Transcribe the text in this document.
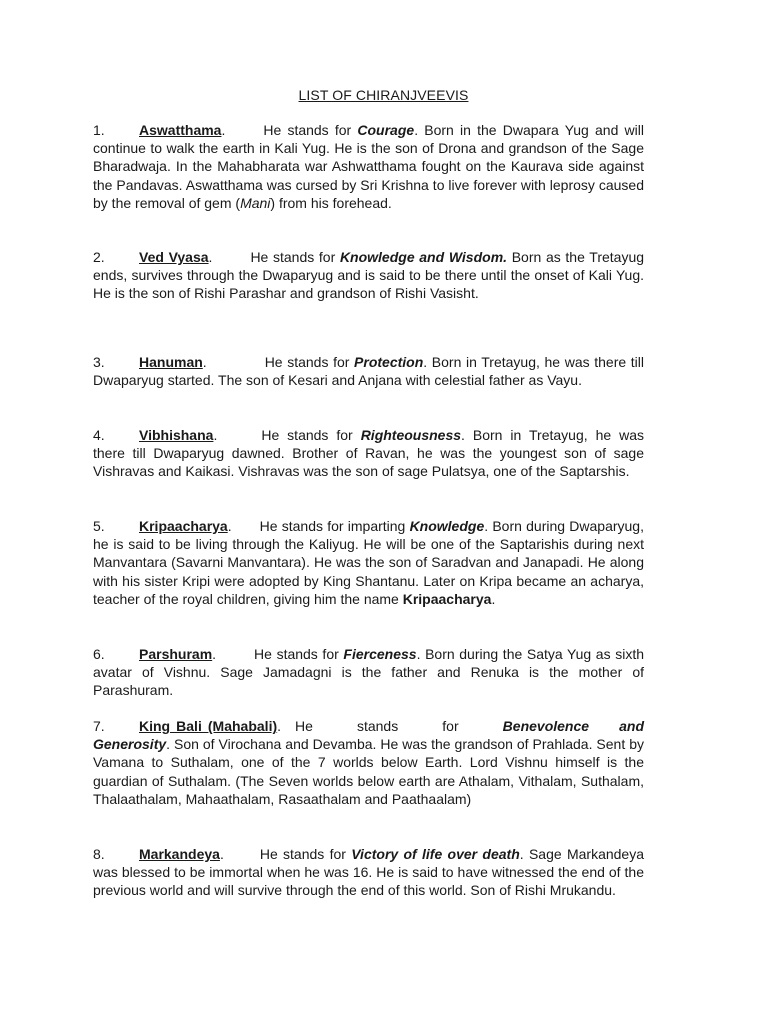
LIST OF CHIRANJVEEVIS

1. Aswatthama.	He stands for Courage. Born in the Dwapara Yug and will continue to walk the earth in Kali Yug. He is the son of Drona and grandson of the Sage Bharadwaja. In the Mahabharata war Ashwatthama fought on the Kaurava side against the Pandavas. Aswatthama was cursed by Sri Krishna to live forever with leprosy caused by the removal of gem (Mani) from his forehead.

2. Ved Vyasa.	He stands for Knowledge and Wisdom. Born as the Tretayug ends, survives through the Dwaparyug and is said to be there until the onset of Kali Yug. He is the son of Rishi Parashar and grandson of Rishi Vasisht.

3. Hanuman.	He stands for Protection. Born in Tretayug, he was there till Dwaparyug started. The son of Kesari and Anjana with celestial father as Vayu.

4. Vibhishana.	He stands for Righteousness. Born in Tretayug, he was there till Dwaparyug dawned. Brother of Ravan, he was the youngest son of sage Vishravas and Kaikasi. Vishravas was the son of sage Pulatsya, one of the Saptarshis.

5. Kripaacharya. He stands for imparting Knowledge. Born during Dwaparyug, he is said to be living through the Kaliyug. He will be one of the Saptarishis during next Manvantara (Savarni Manvantara). He was the son of Saradvan and Janapadi. He along with his sister Kripi were adopted by King Shantanu. Later on Kripa became an acharya, teacher of the royal children, giving him the name Kripaacharya.

6. Parshuram.	He stands for Fierceness. Born during the Satya Yug as sixth avatar of Vishnu. Sage Jamadagni is the father and Renuka is the mother of Parashuram.

7. King Bali (Mahabali). He stands for Benevolence and Generosity. Son of Virochana and Devamba. He was the grandson of Prahlada. Sent by Vamana to Suthalam, one of the 7 worlds below Earth. Lord Vishnu himself is the guardian of Suthalam. (The Seven worlds below earth are Athalam, Vithalam, Suthalam, Thalaathalam, Mahaathalam, Rasaathalam and Paathaalam)

8. Markandeya.	He stands for Victory of life over death. Sage Markandeya was blessed to be immortal when he was 16. He is said to have witnessed the end of the previous world and will survive through the end of this world. Son of Rishi Mrukandu.
